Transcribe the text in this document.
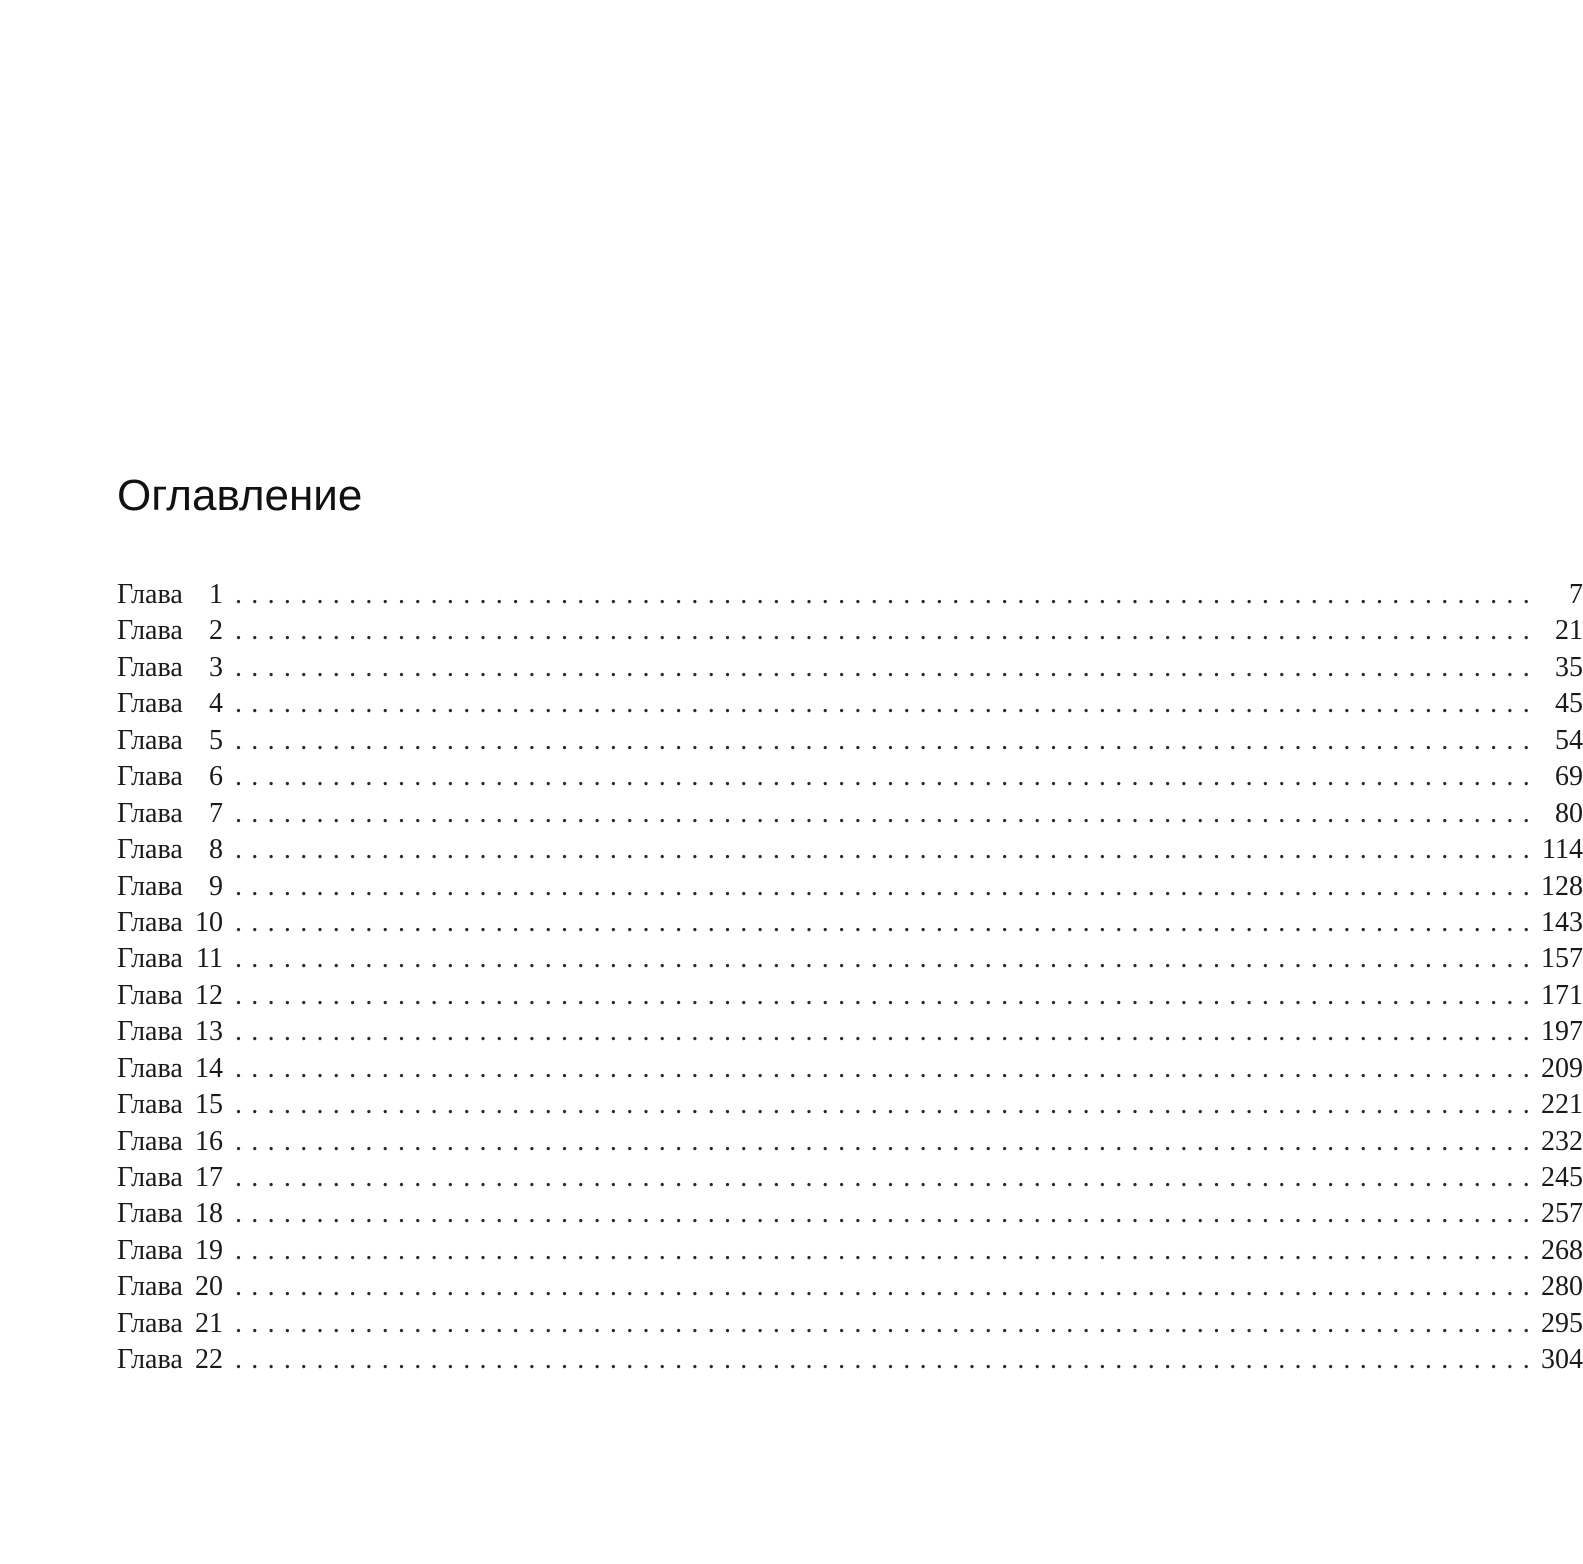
Оглавление
Глава 1 ................................................................................	7
Глава 2 ................................................................................ 21
Глава 3 ................................................................................ 35
Глава 4 ................................................................................ 45
Глава 5 ................................................................................ 54
Глава 6 ................................................................................ 69
Глава 7 ................................................................................ 80
Глава 8 ................................................................................ 114
Глава 9 ................................................................................ 128
Глава 10 ................................................................................ 143
Глава 11 ................................................................................ 157
Глава 12 ................................................................................ 171
Глава 13 ................................................................................ 197
Глава 14 ................................................................................ 209
Глава 15 ................................................................................ 221
Глава 16 ................................................................................ 232
Глава 17 ................................................................................ 245
Глава 18 ................................................................................ 257
Глава 19 ................................................................................ 268
Глава 20 ................................................................................ 280
Глава 21 ................................................................................ 295
Глава 22 ................................................................................ 304
